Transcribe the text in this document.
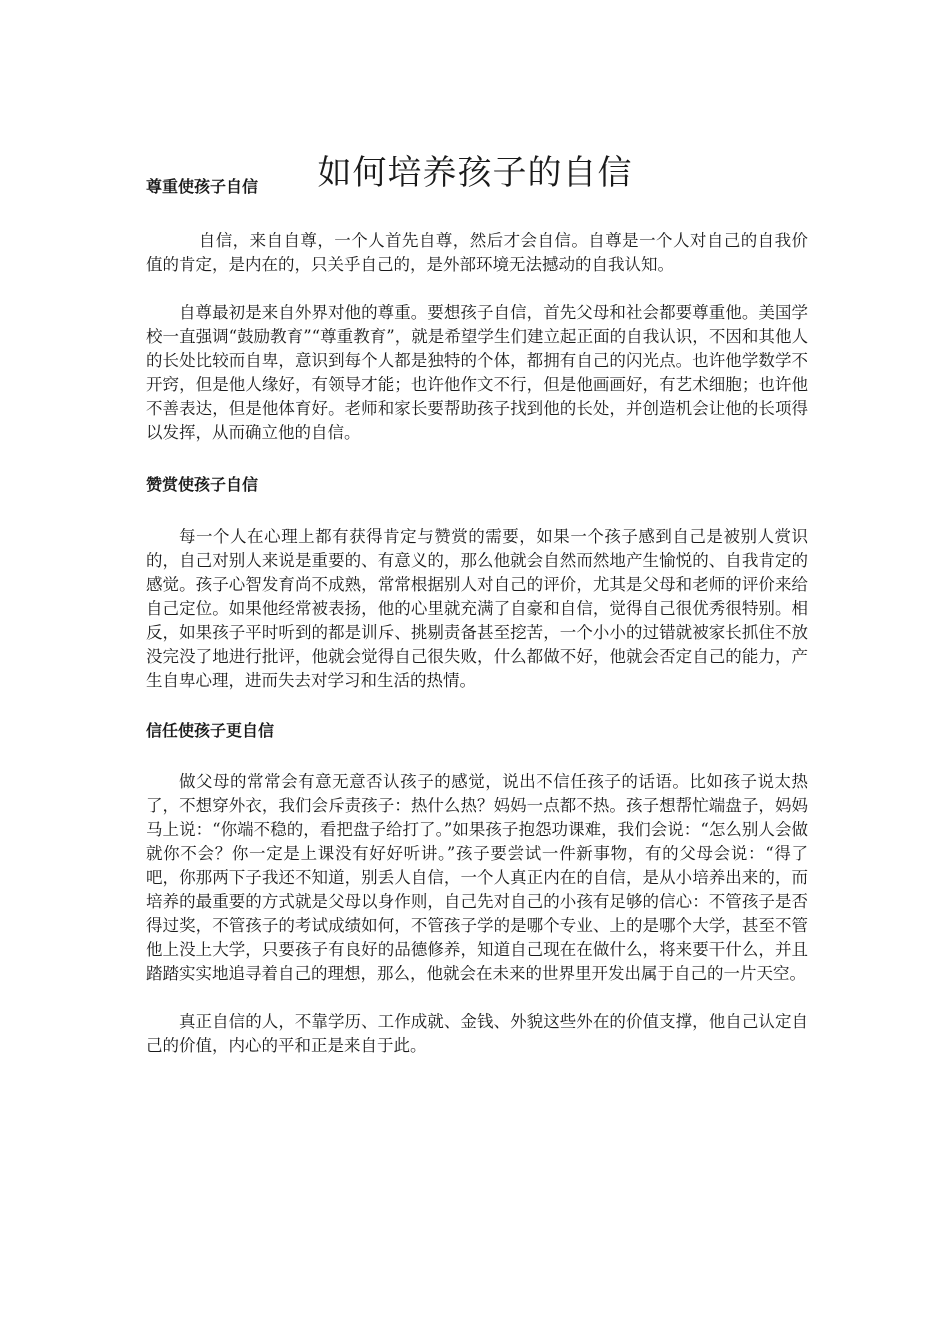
如何培养孩子的自信
尊重使孩子自信

自信，来自自尊，一个人首先自尊，然后才会自信。自尊是一个人对自己的自我价值的肯定，是内在的，只关乎自己的，是外部环境无法撼动的自我认知。

自尊最初是来自外界对他的尊重。要想孩子自信，首先父母和社会都要尊重他。美国学校一直强调“鼓励教育”“尊重教育”，就是希望学生们建立起正面的自我认识，不因和其他人的长处比较而自卑，意识到每个人都是独特的个体，都拥有自己的闪光点。也许他学数学不开窍，但是他人缘好，有领导才能；也许他作文不行，但是他画画好，有艺术细胞；也许他不善表达，但是他体育好。老师和家长要帮助孩子找到他的长处，并创造机会让他的长项得以发挥，从而确立他的自信。

赞赏使孩子自信

每一个人在心理上都有获得肯定与赞赏的需要，如果一个孩子感到自己是被别人赏识的，自己对别人来说是重要的、有意义的，那么他就会自然而然地产生愉悦的、自我肯定的感觉。孩子心智发育尚不成熟，常常根据别人对自己的评价，尤其是父母和老师的评价来给自己定位。如果他经常被表扬，他的心里就充满了自豪和自信，觉得自己很优秀很特别。相反，如果孩子平时听到的都是训斥、挑剔责备甚至挖苦，一个小小的过错就被家长抓住不放没完没了地进行批评，他就会觉得自己很失败，什么都做不好，他就会否定自己的能力，产生自卑心理，进而失去对学习和生活的热情。

信任使孩子更自信

做父母的常常会有意无意否认孩子的感觉，说出不信任孩子的话语。比如孩子说太热了，不想穿外衣，我们会斥责孩子：热什么热？妈妈一点都不热。孩子想帮忙端盘子，妈妈马上说：“你端不稳的，看把盘子给打了。”如果孩子抱怨功课难，我们会说：“怎么别人会做就你不会？你一定是上课没有好好听讲。”孩子要尝试一件新事物，有的父母会说：“得了吧，你那两下子我还不知道，别丢人自信，一个人真正内在的自信，是从小培养出来的，而培养的最重要的方式就是父母以身作则，自己先对自己的小孩有足够的信心：不管孩子是否得过奖，不管孩子的考试成绩如何，不管孩子学的是哪个专业、上的是哪个大学，甚至不管他上没上大学，只要孩子有良好的品德修养，知道自己现在在做什么，将来要干什么，并且踏踏实实地追寻着自己的理想，那么，他就会在未来的世界里开发出属于自己的一片天空。

真正自信的人，不靠学历、工作成就、金钱、外貌这些外在的价值支撑，他自己认定自己的价值，内心的平和正是来自于此。
